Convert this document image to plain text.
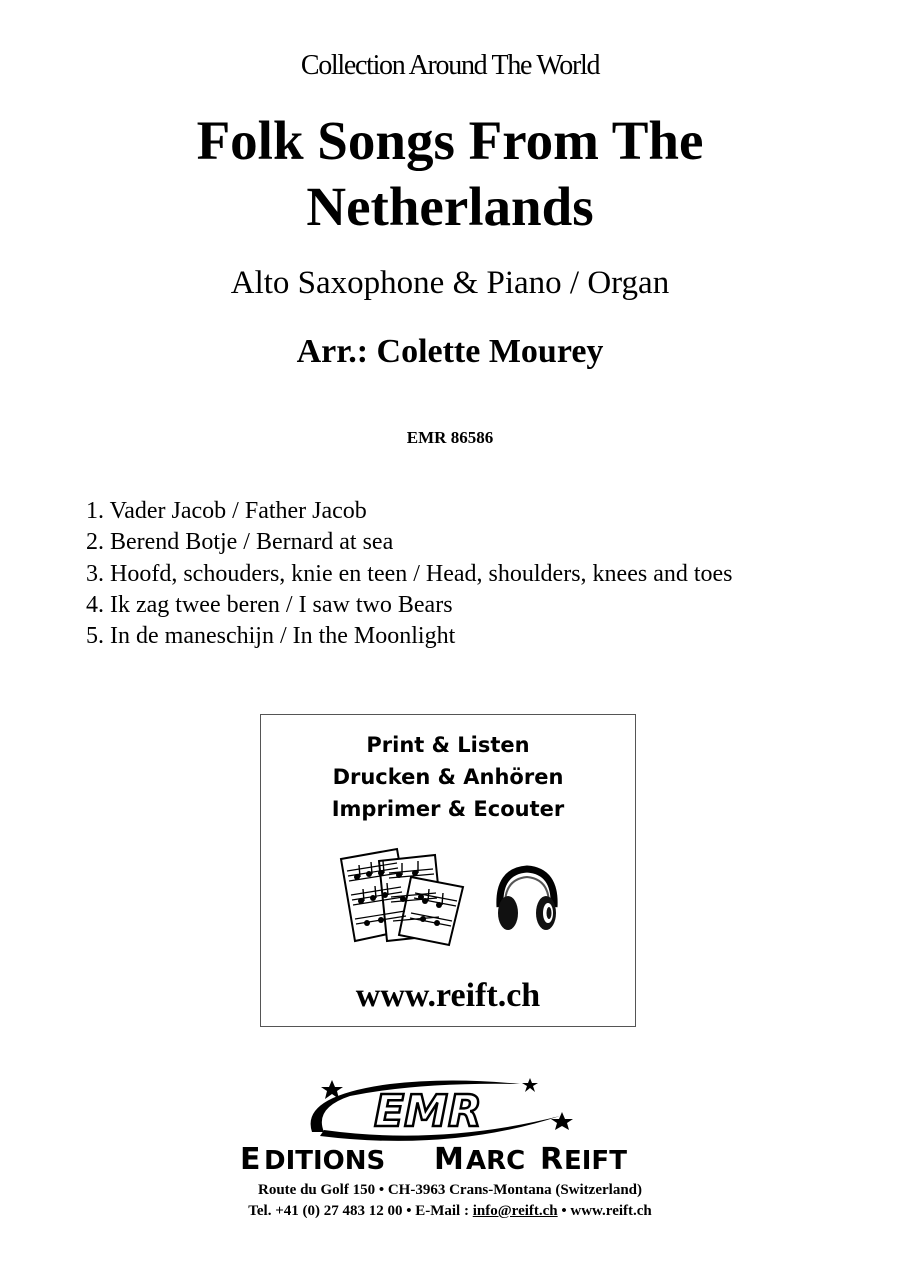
Collection Around The World
Folk Songs From The
Netherlands
Alto Saxophone & Piano / Organ
Arr.: Colette Mourey
EMR 86586
1. Vader Jacob / Father Jacob
2. Berend Botje / Bernard at sea
3. Hoofd, schouders, knie en teen / Head, shoulders, knees and toes
4. Ik zag twee beren / I saw two Bears
5. In de maneschijn / In the Moonlight
Print & Listen
Drucken & Anhören
Imprimer & Ecouter
www.reift.ch
EMR
E DITIONS M ARC R EIFT
Route du Golf 150 • CH-3963 Crans-Montana (Switzerland)
Tel. +41 (0) 27 483 12 00 • E-Mail : info@reift.ch • www.reift.ch
